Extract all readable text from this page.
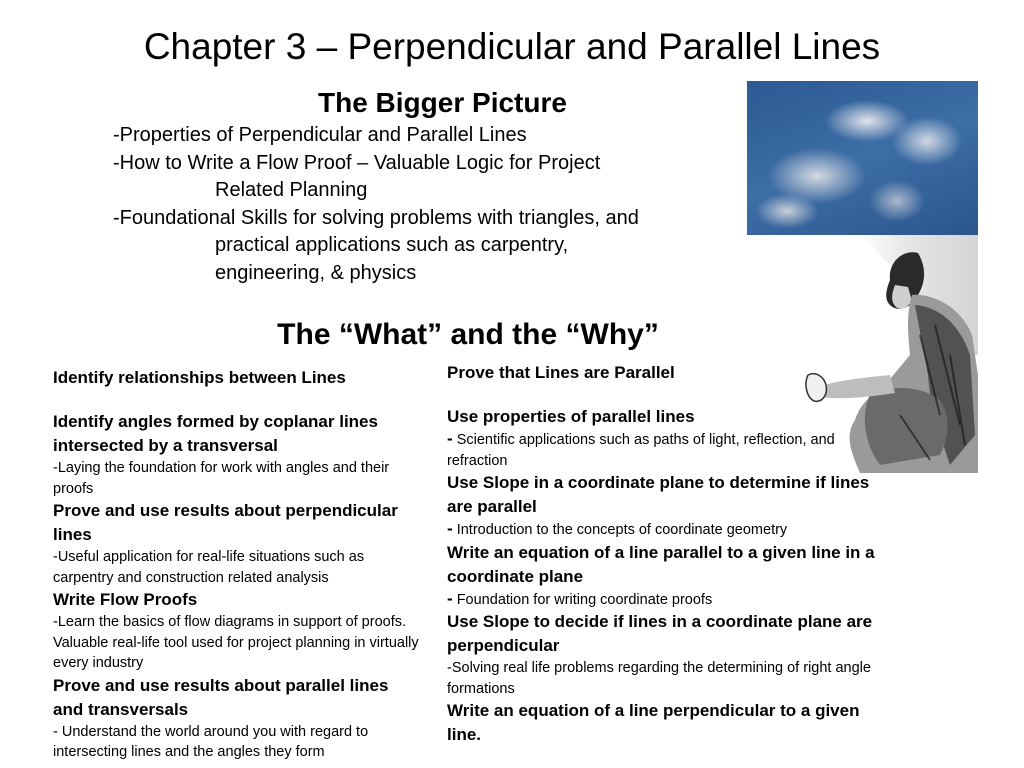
Chapter 3 – Perpendicular and Parallel Lines
The Bigger Picture
-Properties of Perpendicular and Parallel Lines
-How to Write a Flow Proof – Valuable Logic for Project
Related Planning
-Foundational Skills for solving problems with triangles, and
practical applications such as carpentry,
engineering, & physics
The “What” and the “Why”
Identify relationships between Lines
Identify angles formed by coplanar lines intersected by a transversal
-Laying the foundation for work with angles and their proofs
Prove and use results about perpendicular lines
-Useful application for real-life situations such as carpentry and construction related analysis
Write Flow Proofs
-Learn the basics of flow diagrams in support of proofs. Valuable real-life tool used for project planning in virtually every industry
Prove and use results about parallel lines and transversals
- Understand the world around you with regard to intersecting lines and the angles they form
Prove that Lines are Parallel
Use properties of parallel lines
- Scientific applications such as paths of light, reflection, and refraction
Use Slope in a coordinate plane to determine if lines are parallel
- Introduction to the concepts of coordinate geometry
Write an equation of a line parallel to a given line in a coordinate plane
- Foundation for writing coordinate proofs
Use Slope to decide if lines in a coordinate plane are perpendicular
-Solving real life problems regarding the determining of right angle formations
Write an equation of a line perpendicular to a given line.
